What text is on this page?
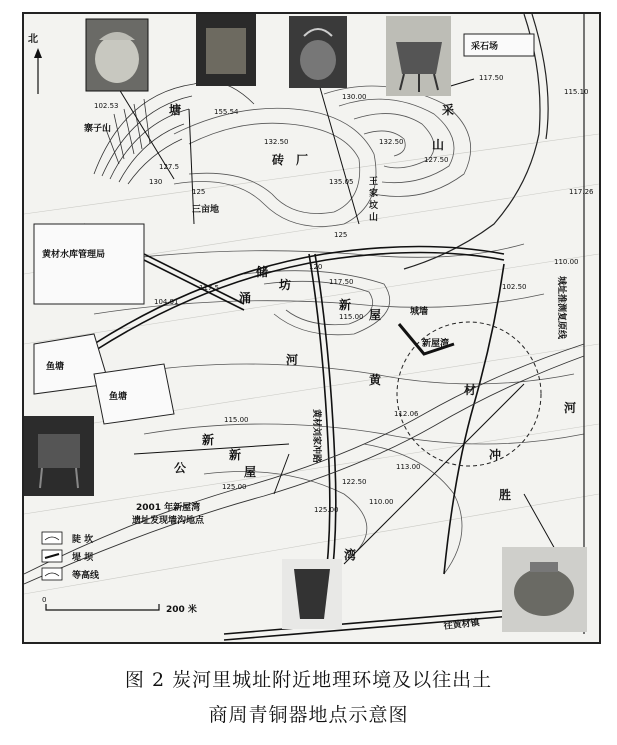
北
采石场
黄材水库管理局
寨子山
三亩地
城墙
新屋湾
鱼塘
鱼塘
2001 年新屋湾
遗址发现墙沟地点
往黄材镇
王
家
坟
山
砖 厂
采
山
新
屋
黄
材
河
冲
胜
储
坊
涌
河
新
公
新
屋
湾
黄材刘家冲路
城址推测复原线
塘
102.53
127.5
130
155.54
130.00
132.50
127.50
117.50
115.10
117.26
125
125
132.50
135.05
120
117.50
115.00
117.5
104.91
102.50
110.00
112.06
113.00
115.00
122.50
125.00
125.00
110.00
陡 坎
堤 坝
等高线
0
200 米
图 2 炭河里城址附近地理环境及以往出土
商周青铜器地点示意图
